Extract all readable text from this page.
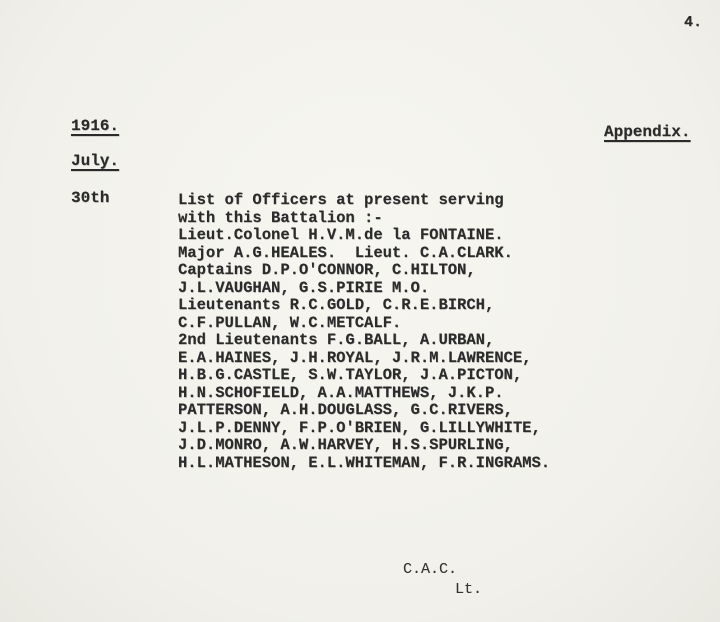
4.
1916.	Appendix.
July.
30th	List of Officers at present serving
with this Battalion :-
Lieut.Colonel H.V.M.de la FONTAINE.
Major A.G.HEALES.  Lieut. C.A.CLARK.
Captains D.P.O'CONNOR, C.HILTON,
J.L.VAUGHAN, G.S.PIRIE M.O.
Lieutenants R.C.GOLD, C.R.E.BIRCH,
C.F.PULLAN, W.C.METCALF.
2nd Lieutenants F.G.BALL, A.URBAN,
E.A.HAINES, J.H.ROYAL, J.R.M.LAWRENCE,
H.B.G.CASTLE, S.W.TAYLOR, J.A.PICTON,
H.N.SCHOFIELD, A.A.MATTHEWS, J.K.P.
PATTERSON, A.H.DOUGLASS, G.C.RIVERS,
J.L.P.DENNY, F.P.O'BRIEN, G.LILLYWHITE,
J.D.MONRO, A.W.HARVEY, H.S.SPURLING,
H.L.MATHESON, E.L.WHITEMAN, F.R.INGRAMS.
C.A.C.
Lt.
